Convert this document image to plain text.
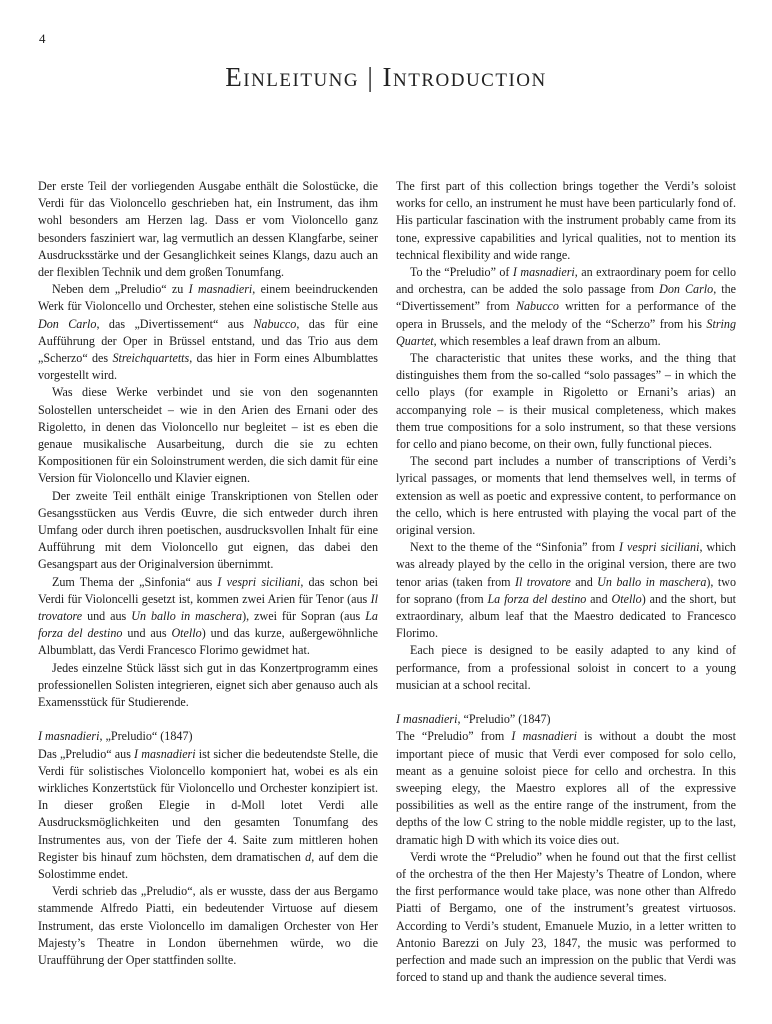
4
Einleitung | Introduction

Der erste Teil der vorliegenden Ausgabe enthält die Solostücke, die Verdi für das Violoncello geschrieben hat, ein Instrument, das ihm wohl besonders am Herzen lag. Dass er vom Violoncello ganz besonders fasziniert war, lag vermutlich an dessen Klangfarbe, seiner Ausdrucksstärke und der Gesanglichkeit seines Klangs, dazu auch an der flexiblen Technik und dem großen Tonumfang.

Neben dem „Preludio“ zu I masnadieri, einem beeindruckenden Werk für Violoncello und Orchester, stehen eine solistische Stelle aus Don Carlo, das „Divertissement“ aus Nabucco, das für eine Aufführung der Oper in Brüssel entstand, und das Trio aus dem „Scherzo“ des Streichquartetts, das hier in Form eines Albumblattes vorgestellt wird.

Was diese Werke verbindet und sie von den sogenannten Solostellen unterscheidet – wie in den Arien des Ernani oder des Rigoletto, in denen das Violoncello nur begleitet – ist es eben die genaue musikalische Ausarbeitung, durch die sie zu echten Kompositionen für ein Soloinstrument werden, die sich damit für eine Version für Violoncello und Klavier eignen.

Der zweite Teil enthält einige Transkriptionen von Stellen oder Gesangsstücken aus Verdis Œuvre, die sich entweder durch ihren Umfang oder durch ihren poetischen, ausdrucksvollen Inhalt für eine Aufführung mit dem Violoncello gut eignen, das dabei den Gesangspart aus der Originalversion übernimmt.

Zum Thema der „Sinfonia“ aus I vespri siciliani, das schon bei Verdi für Violoncelli gesetzt ist, kommen zwei Arien für Tenor (aus Il trovatore und aus Un ballo in maschera), zwei für Sopran (aus La forza del destino und aus Otello) und das kurze, außergewöhnliche Albumblatt, das Verdi Francesco Florimo gewidmet hat.

Jedes einzelne Stück lässt sich gut in das Konzertprogramm eines professionellen Solisten integrieren, eignet sich aber genauso auch als Examensstück für Studierende.

I masnadieri, „Preludio“ (1847)

Das „Preludio“ aus I masnadieri ist sicher die bedeutendste Stelle, die Verdi für solistisches Violoncello komponiert hat, wobei es als ein wirkliches Konzertstück für Violoncello und Orchester konzipiert ist. In dieser großen Elegie in d-Moll lotet Verdi alle Ausdrucksmöglichkeiten und den gesamten Tonumfang des Instrumentes aus, von der Tiefe der 4. Saite zum mittleren hohen Register bis hinauf zum höchsten, dem dramatischen d, auf dem die Solostimme endet.

Verdi schrieb das „Preludio“, als er wusste, dass der aus Bergamo stammende Alfredo Piatti, ein bedeutender Virtuose auf diesem Instrument, das erste Violoncello im damaligen Orchester von Her Majesty’s Theatre in London übernehmen würde, wo die Uraufführung der Oper stattfinden sollte.

The first part of this collection brings together the Verdi’s soloist works for cello, an instrument he must have been particularly fond of. His particular fascination with the instrument probably came from its tone, expressive capabilities and lyrical qualities, not to mention its technical flexibility and wide range.

To the “Preludio” of I masnadieri, an extraordinary poem for cello and orchestra, can be added the solo passage from Don Carlo, the “Divertissement” from Nabucco written for a performance of the opera in Brussels, and the melody of the “Scherzo” from his String Quartet, which resembles a leaf drawn from an album.

The characteristic that unites these works, and the thing that distinguishes them from the so-called “solo passages” – in which the cello plays (for example in Rigoletto or Ernani’s arias) an accompanying role – is their musical completeness, which makes them true compositions for a solo instrument, so that these versions for cello and piano become, on their own, fully functional pieces.

The second part includes a number of transcriptions of Verdi’s lyrical passages, or moments that lend themselves well, in terms of extension as well as poetic and expressive content, to performance on the cello, which is here entrusted with playing the vocal part of the original version.

Next to the theme of the “Sinfonia” from I vespri siciliani, which was already played by the cello in the original version, there are two tenor arias (taken from Il trovatore and Un ballo in maschera), two for soprano (from La forza del destino and Otello) and the short, but extraordinary, album leaf that the Maestro dedicated to Francesco Florimo.

Each piece is designed to be easily adapted to any kind of performance, from a professional soloist in concert to a young musician at a school recital.

I masnadieri, “Preludio” (1847)

The “Preludio” from I masnadieri is without a doubt the most important piece of music that Verdi ever composed for solo cello, meant as a genuine soloist piece for cello and orchestra. In this sweeping elegy, the Maestro explores all of the expressive possibilities as well as the entire range of the instrument, from the depths of the low C string to the noble middle register, up to the last, dramatic high D with which its voice dies out.

Verdi wrote the “Preludio” when he found out that the first cellist of the orchestra of the then Her Majesty’s Theatre of London, where the first performance would take place, was none other than Alfredo Piatti of Bergamo, one of the instrument’s greatest virtuosos. According to Verdi’s student, Emanuele Muzio, in a letter written to Antonio Barezzi on July 23, 1847, the music was performed to perfection and made such an impression on the public that Verdi was forced to stand up and thank the audience several times.
